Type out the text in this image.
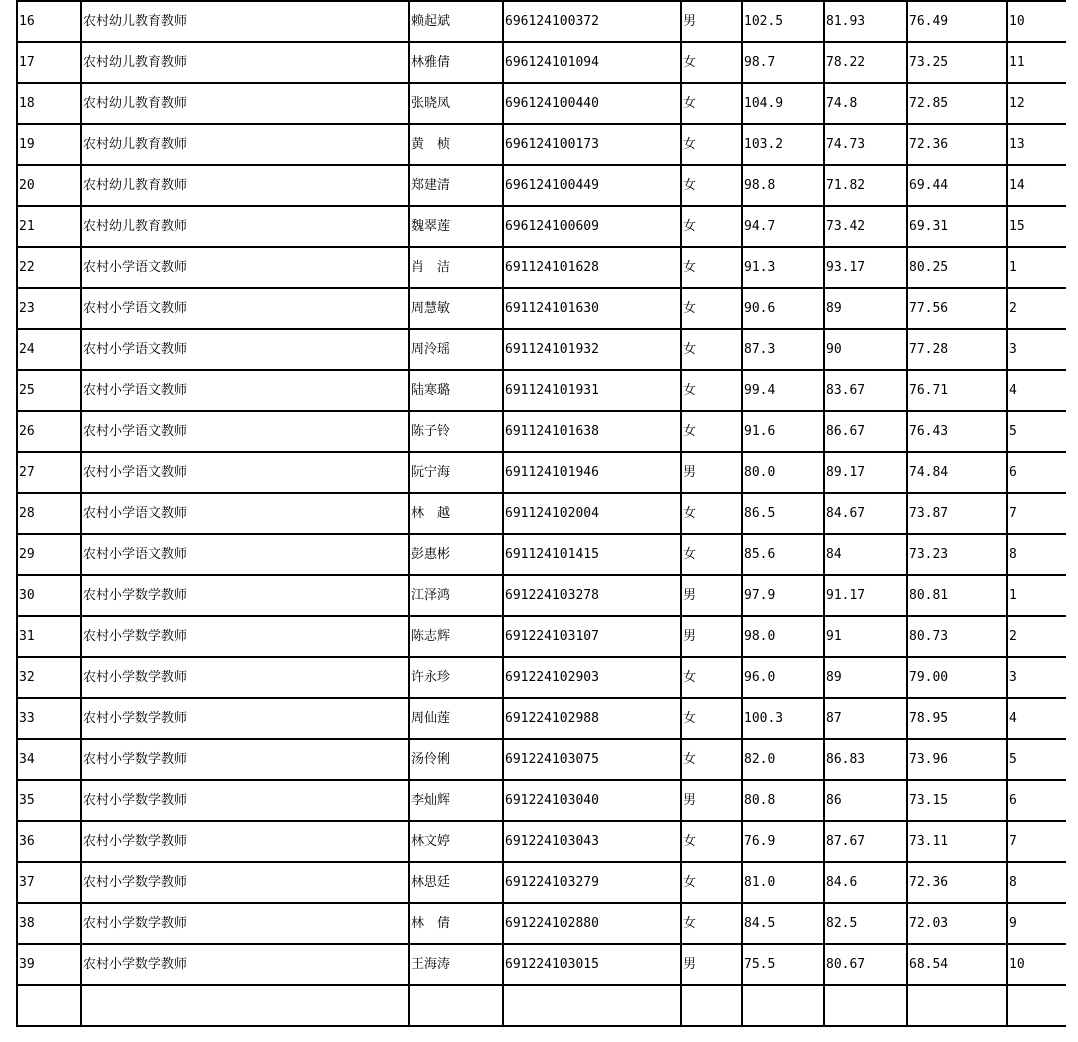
16	农村幼儿教育教师	赖起斌	696124100372	男	102.5	81.93	76.49	10
17	农村幼儿教育教师	林雅倩	696124101094	女	98.7	78.22	73.25	11
18	农村幼儿教育教师	张晓凤	696124100440	女	104.9	74.8	72.85	12
19	农村幼儿教育教师	黄　桢	696124100173	女	103.2	74.73	72.36	13
20	农村幼儿教育教师	郑建清	696124100449	女	98.8	71.82	69.44	14
21	农村幼儿教育教师	魏翠莲	696124100609	女	94.7	73.42	69.31	15
22	农村小学语文教师	肖　洁	691124101628	女	91.3	93.17	80.25	1
23	农村小学语文教师	周慧敏	691124101630	女	90.6	89	77.56	2
24	农村小学语文教师	周泠瑶	691124101932	女	87.3	90	77.28	3
25	农村小学语文教师	陆寒璐	691124101931	女	99.4	83.67	76.71	4
26	农村小学语文教师	陈子铃	691124101638	女	91.6	86.67	76.43	5
27	农村小学语文教师	阮宁海	691124101946	男	80.0	89.17	74.84	6
28	农村小学语文教师	林　越	691124102004	女	86.5	84.67	73.87	7
29	农村小学语文教师	彭惠彬	691124101415	女	85.6	84	73.23	8
30	农村小学数学教师	江泽鸿	691224103278	男	97.9	91.17	80.81	1
31	农村小学数学教师	陈志辉	691224103107	男	98.0	91	80.73	2
32	农村小学数学教师	许永珍	691224102903	女	96.0	89	79.00	3
33	农村小学数学教师	周仙莲	691224102988	女	100.3	87	78.95	4
34	农村小学数学教师	汤伶俐	691224103075	女	82.0	86.83	73.96	5
35	农村小学数学教师	李灿辉	691224103040	男	80.8	86	73.15	6
36	农村小学数学教师	林文婷	691224103043	女	76.9	87.67	73.11	7
37	农村小学数学教师	林思廷	691224103279	女	81.0	84.6	72.36	8
38	农村小学数学教师	林　倩	691224102880	女	84.5	82.5	72.03	9
39	农村小学数学教师	王海涛	691224103015	男	75.5	80.67	68.54	10
